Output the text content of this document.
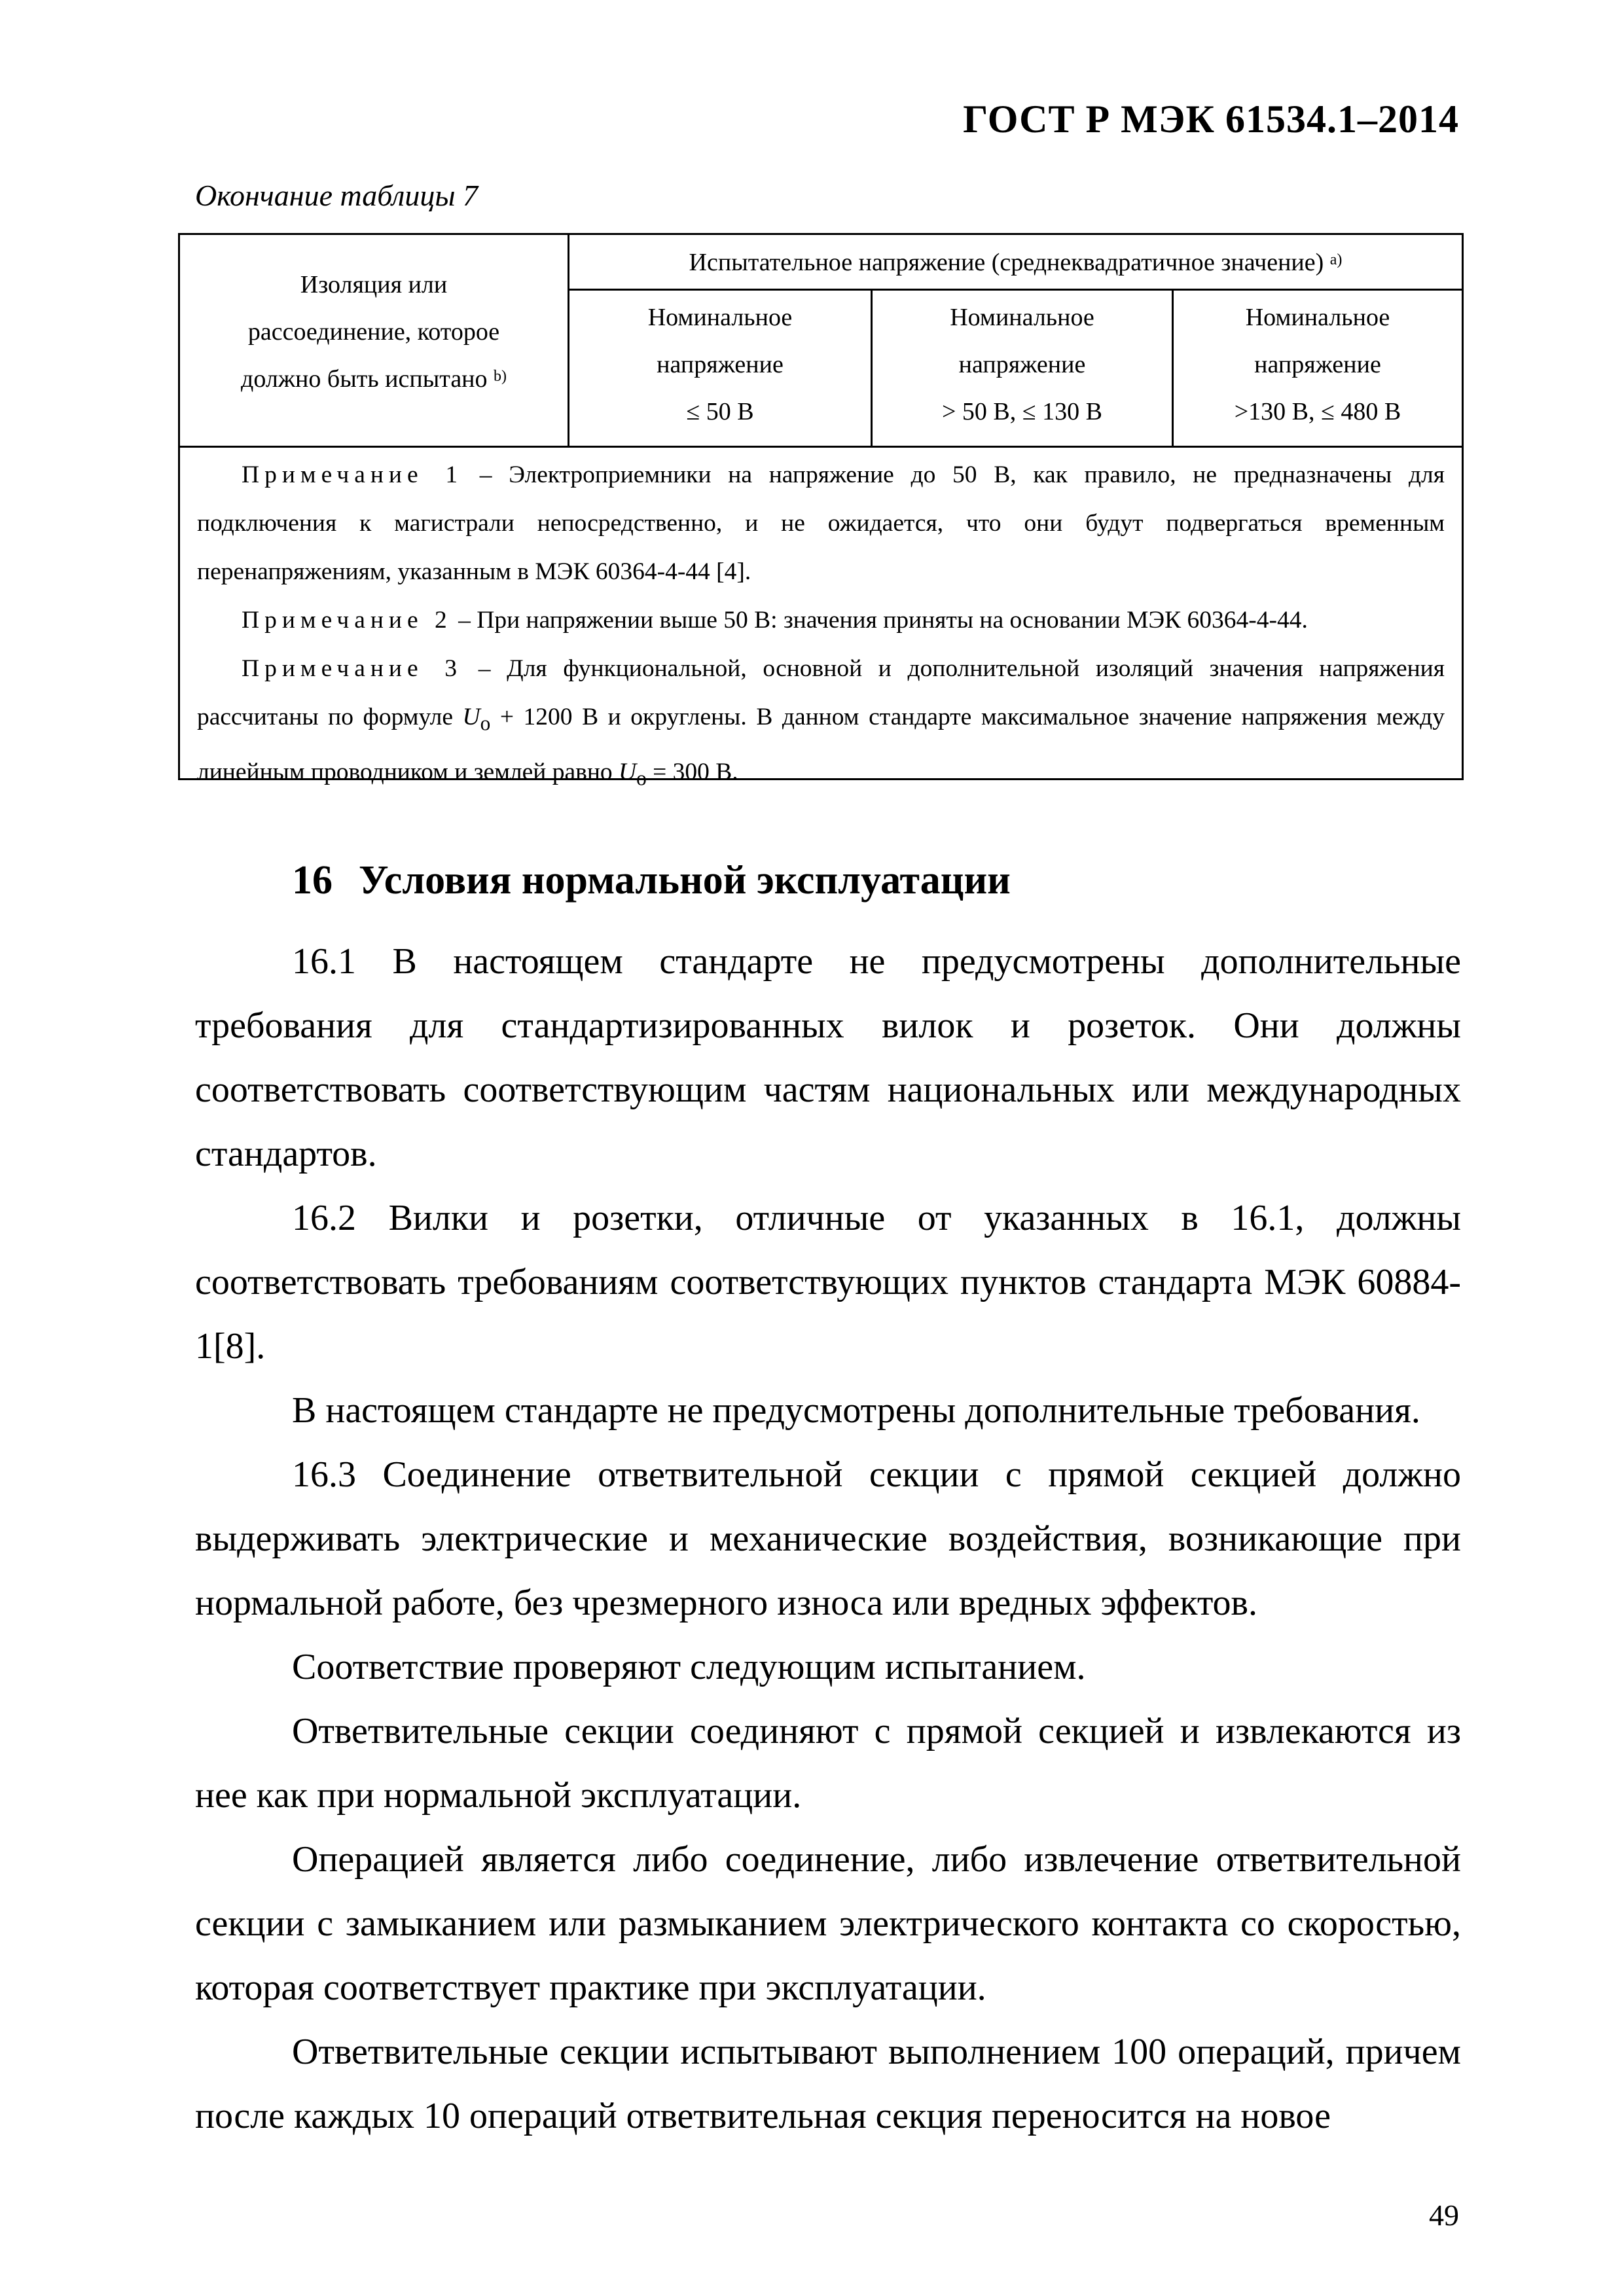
ГОСТ Р МЭК 61534.1–2014
Окончание таблицы 7
Изоляция или
рассоединение, которое
должно быть испытано $^{b)}$
Испытательное напряжение (среднеквадратичное значение) $^{a)}$
Номинальное
напряжение
≤ 50 В
Номинальное
напряжение
> 50 В, ≤ 130 В
Номинальное
напряжение
>130 В, ≤ 480 В

Примечание 1 – Электроприемники на напряжение до 50 В, как правило, не предназначены для подключения к магистрали непосредственно, и не ожидается, что они будут подвергаться временным перенапряжениям, указанным в МЭК 60364-4-44 [4].

Примечание 2 – При напряжении выше 50 В: значения приняты на основании МЭК 60364-4-44.

Примечание 3 – Для функциональной, основной и дополнительной изоляций значения напряжения рассчитаны по формуле $U_o + 1200$ В и округлены. В данном стандарте максимальное значение напряжения между линейным проводником и землей равно $U_o = 300$ В.

16 Условия нормальной эксплуатации

16.1 В настоящем стандарте не предусмотрены дополнительные требования для стандартизированных вилок и розеток. Они должны соответствовать соответствующим частям национальных или международных стандартов.

16.2 Вилки и розетки, отличные от указанных в 16.1, должны соответствовать требованиям соответствующих пунктов стандарта МЭК 60884-1[8].

В настоящем стандарте не предусмотрены дополнительные требования.

16.3 Соединение ответвительной секции с прямой секцией должно выдерживать электрические и механические воздействия, возникающие при нормальной работе, без чрезмерного износа или вредных эффектов.

Соответствие проверяют следующим испытанием.

Ответвительные секции соединяют с прямой секцией и извлекаются из нее как при нормальной эксплуатации.

Операцией является либо соединение, либо извлечение ответвительной секции с замыканием или размыканием электрического контакта со скоростью, которая соответствует практике при эксплуатации.

Ответвительные секции испытывают выполнением 100 операций, причем после каждых 10 операций ответвительная секция переносится на новое

49
